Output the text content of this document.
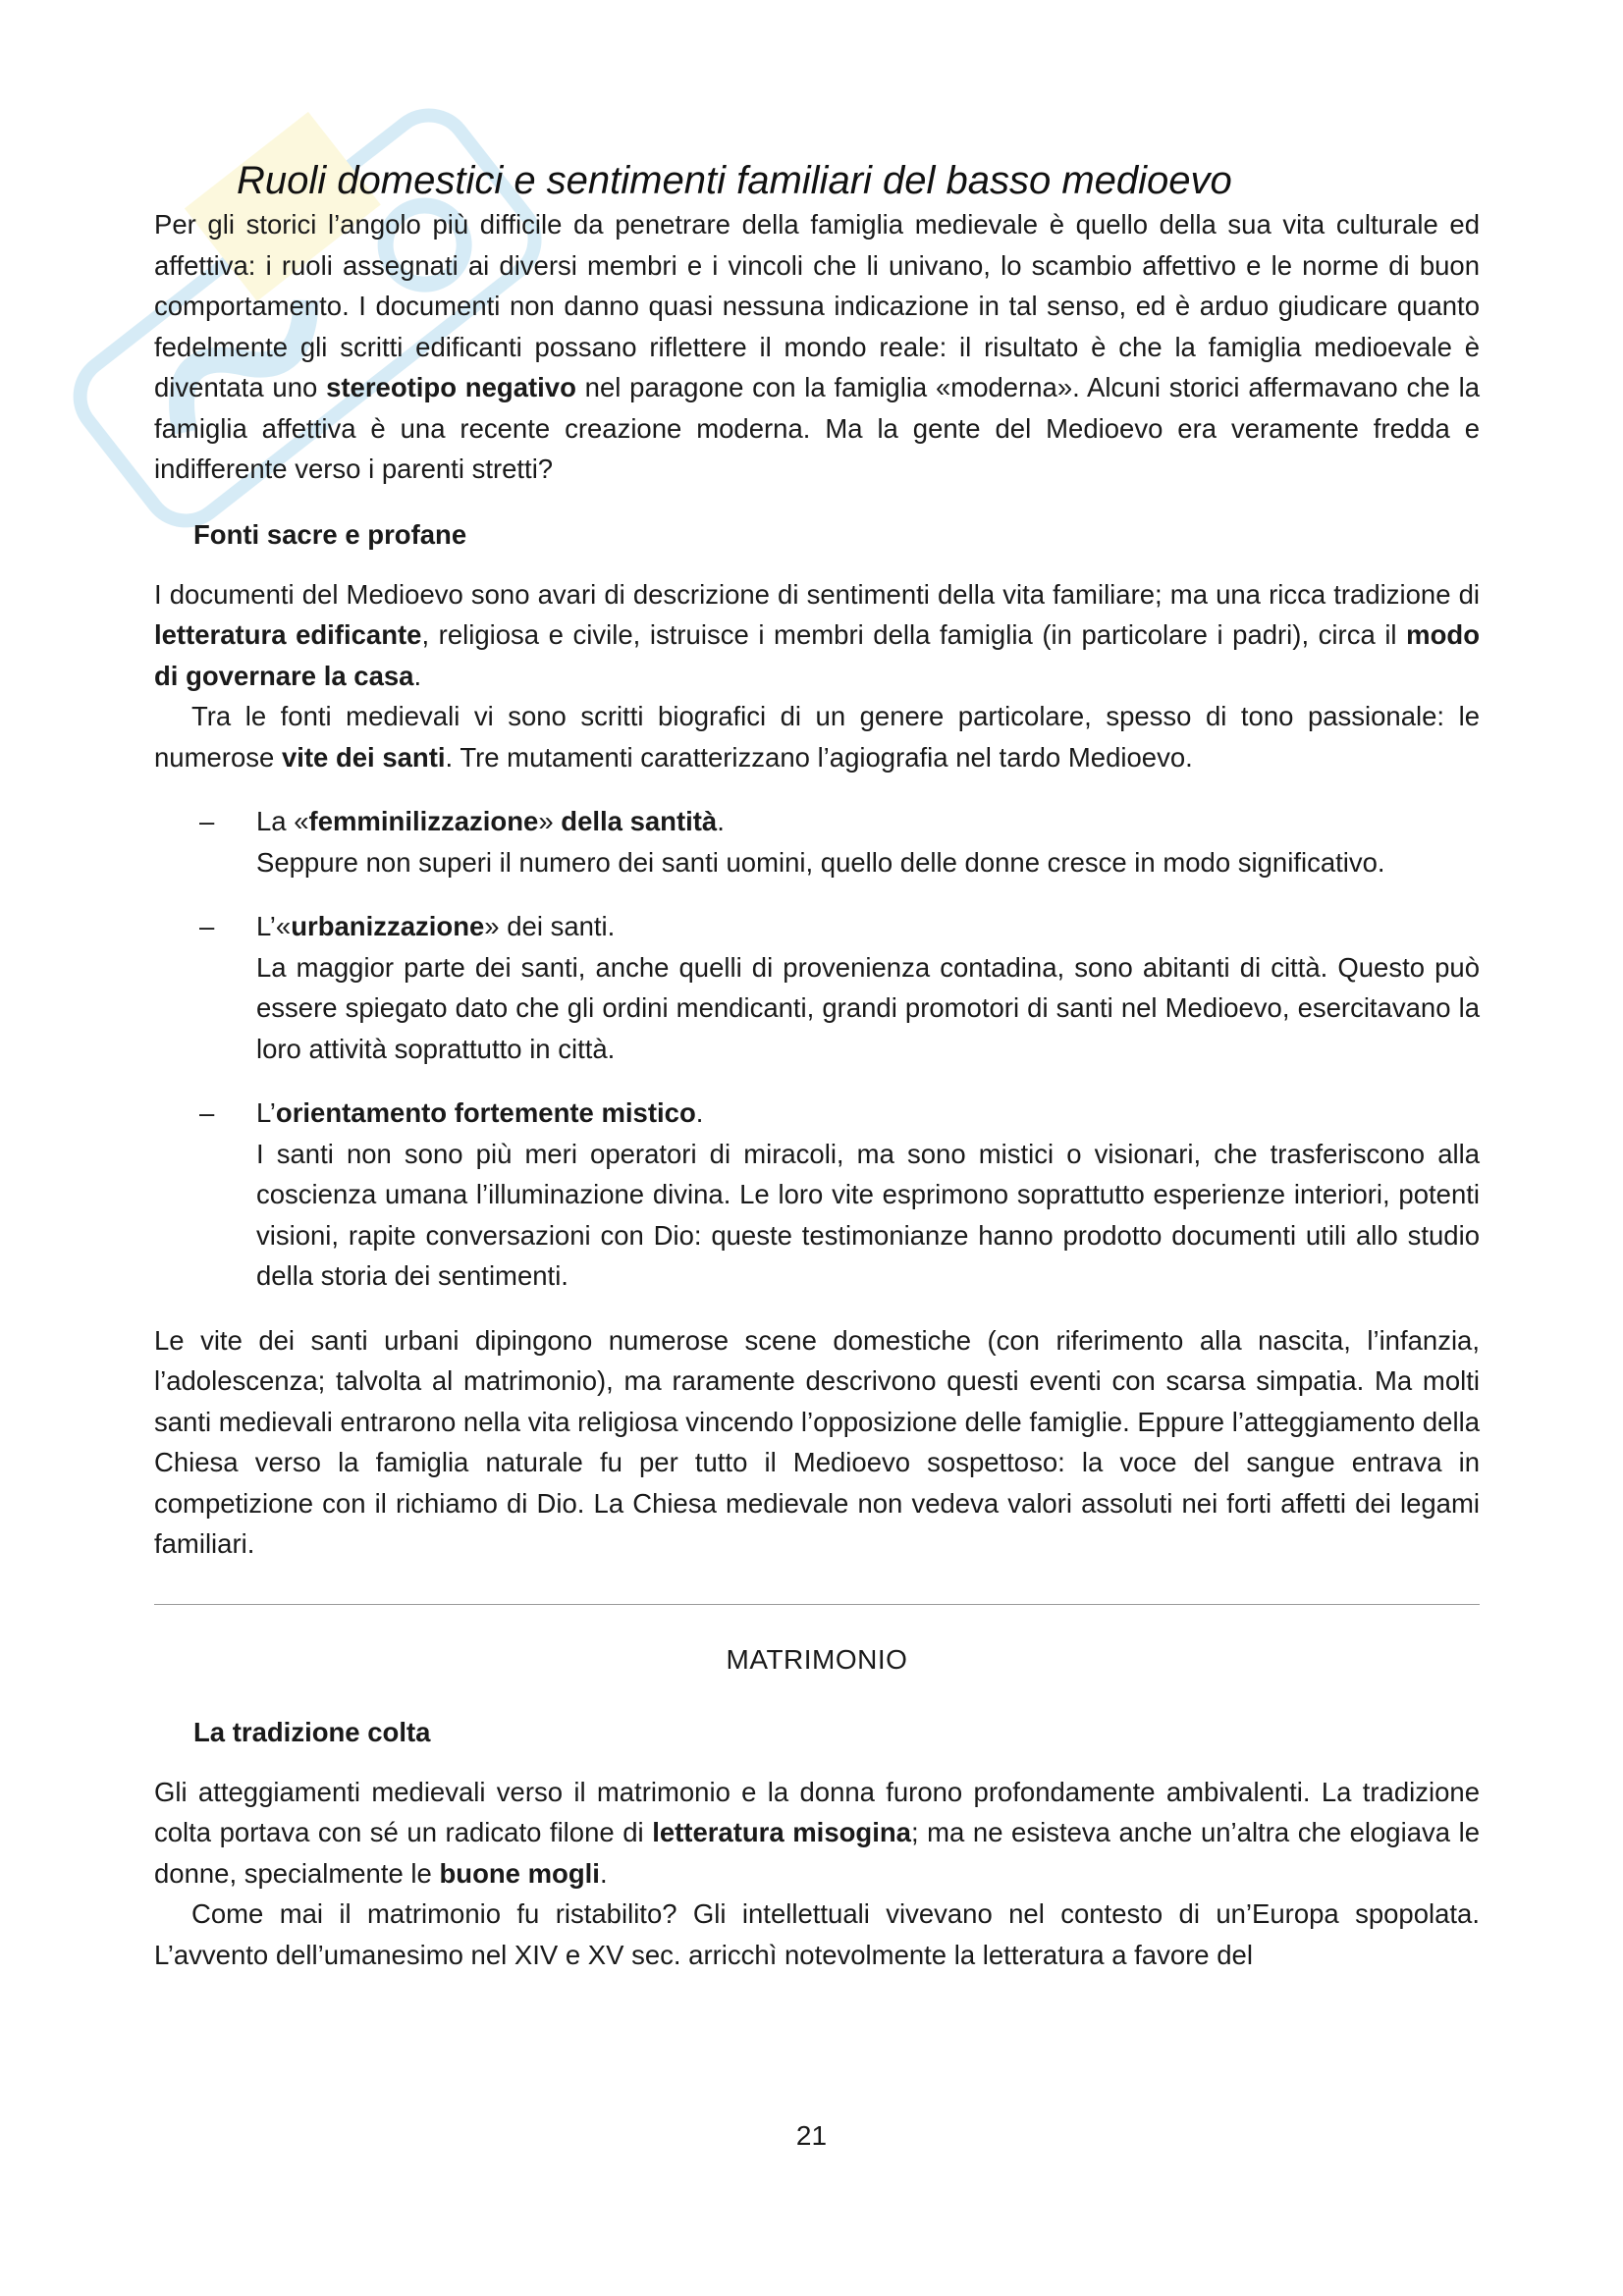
Ruoli domestici e sentimenti familiari del basso medioevo

Per gli storici l’angolo più difficile da penetrare della famiglia medievale è quello della sua vita culturale ed affettiva: i ruoli assegnati ai diversi membri e i vincoli che li univano, lo scambio affettivo e le norme di buon comportamento. I documenti non danno quasi nessuna indicazione in tal senso, ed è arduo giudicare quanto fedelmente gli scritti edificanti possano riflettere il mondo reale: il risultato è che la famiglia medioevale è diventata uno stereotipo negativo nel paragone con la famiglia «moderna». Alcuni storici affermavano che la famiglia affettiva è una recente creazione moderna. Ma la gente del Medioevo era veramente fredda e indifferente verso i parenti stretti?

Fonti sacre e profane

I documenti del Medioevo sono avari di descrizione di sentimenti della vita familiare; ma una ricca tradizione di letteratura edificante, religiosa e civile, istruisce i membri della famiglia (in particolare i padri), circa il modo di governare la casa.

Tra le fonti medievali vi sono scritti biografici di un genere particolare, spesso di tono passionale: le numerose vite dei santi. Tre mutamenti caratterizzano l’agiografia nel tardo Medioevo.

– La «femminilizzazione» della santità.
Seppure non superi il numero dei santi uomini, quello delle donne cresce in modo significativo.
– L’«urbanizzazione» dei santi.
La maggior parte dei santi, anche quelli di provenienza contadina, sono abitanti di città. Questo può essere spiegato dato che gli ordini mendicanti, grandi promotori di santi nel Medioevo, esercitavano la loro attività soprattutto in città.
– L’orientamento fortemente mistico.
I santi non sono più meri operatori di miracoli, ma sono mistici o visionari, che trasferiscono alla coscienza umana l’illuminazione divina. Le loro vite esprimono soprattutto esperienze interiori, potenti visioni, rapite conversazioni con Dio: queste testimonianze hanno prodotto documenti utili allo studio della storia dei sentimenti.

Le vite dei santi urbani dipingono numerose scene domestiche (con riferimento alla nascita, l’infanzia, l’adolescenza; talvolta al matrimonio), ma raramente descrivono questi eventi con scarsa simpatia. Ma molti santi medievali entrarono nella vita religiosa vincendo l’opposizione delle famiglie. Eppure l’atteggiamento della Chiesa verso la famiglia naturale fu per tutto il Medioevo sospettoso: la voce del sangue entrava in competizione con il richiamo di Dio. La Chiesa medievale non vedeva valori assoluti nei forti affetti dei legami familiari.

MATRIMONIO
La tradizione colta

Gli atteggiamenti medievali verso il matrimonio e la donna furono profondamente ambivalenti. La tradizione colta portava con sé un radicato filone di letteratura misogina; ma ne esisteva anche un’altra che elogiava le donne, specialmente le buone mogli.

Come mai il matrimonio fu ristabilito? Gli intellettuali vivevano nel contesto di un’Europa spopolata. L’avvento dell’umanesimo nel XIV e XV sec. arricchì notevolmente la letteratura a favore del

21
